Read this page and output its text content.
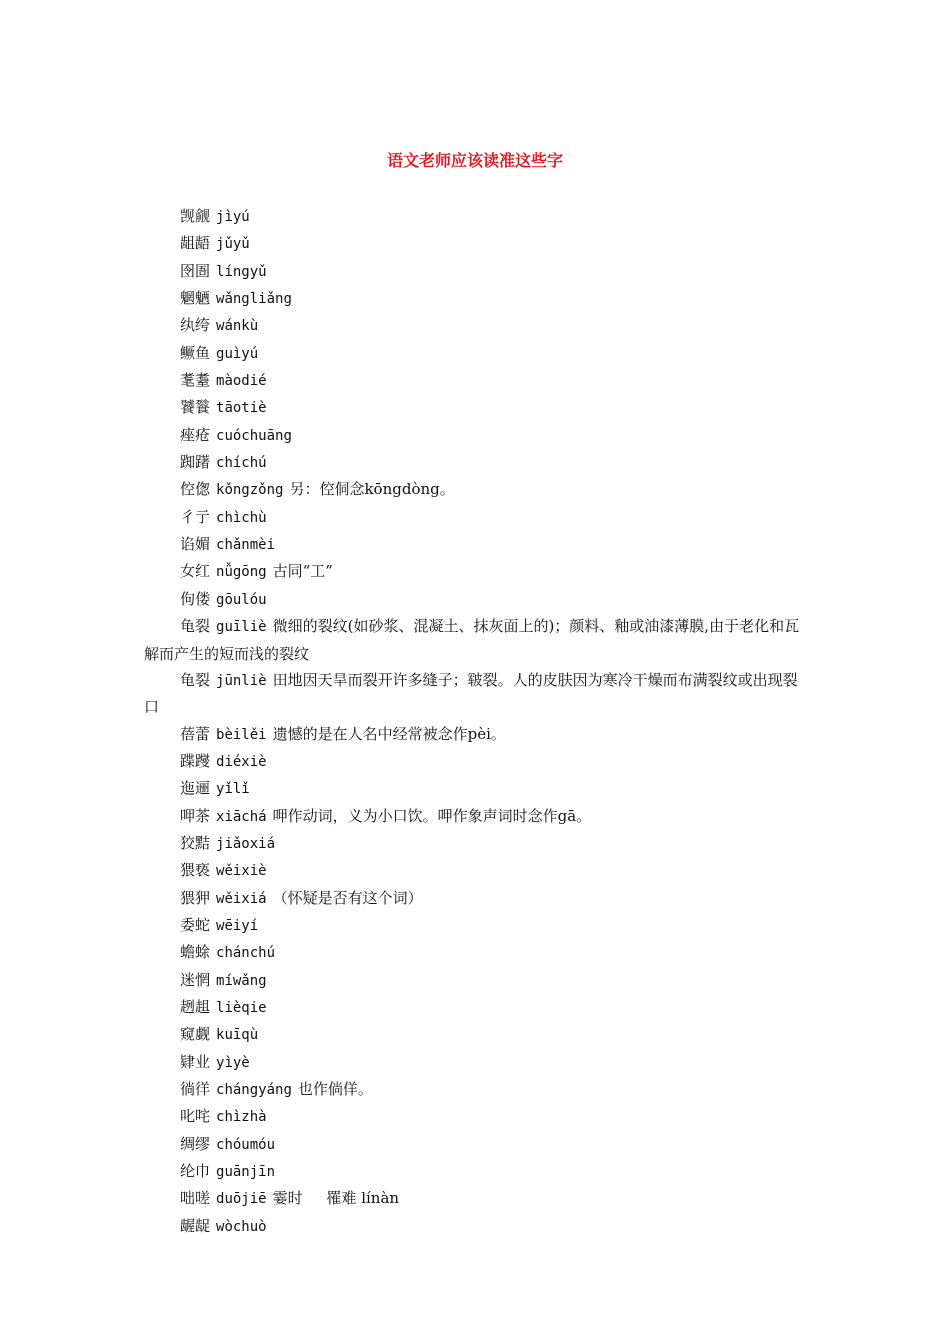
语文老师应该读准这些字

觊觎 jìyú

龃龉 jǔyǔ

囹圄 língyǔ

魍魉 wǎngliǎng

纨绔 wánkù

鳜鱼 guìyú

耄耋 màodié

饕餮 tāotiè

痤疮 cuóchuāng

踟躇 chíchú

倥偬 kǒngzǒng 另：倥侗念kōngdòng。

彳亍 chìchù

谄媚 chǎnmèi

女红 nǚgōng 古同“工”

佝偻 gōulóu

龟裂 guīliè 微细的裂纹(如砂浆、混凝土、抹灰面上的)；颜料、釉或油漆薄膜,由于老化和瓦解而产生的短而浅的裂纹

龟裂 jūnliè 田地因天旱而裂开许多缝子；皲裂。人的皮肤因为寒冷干燥而布满裂纹或出现裂口

蓓蕾 bèilěi 遗憾的是在人名中经常被念作pèi。

蹀躞 diéxiè

迤逦 yǐlǐ

呷茶 xiāchá 呷作动词，义为小口饮。呷作象声词时念作gā。

狡黠 jiǎoxiá

猥亵 wěixiè

猥狎 wěixiá （怀疑是否有这个词）

委蛇 wēiyí

蟾蜍 chánchú

迷惘 míwǎng

趔趄 lièqie

窥觑 kuīqù

肄业 yìyè

徜徉 chángyáng 也作倘佯。

叱咤 chìzhà

绸缪 chóumóu

纶巾 guānjīn

咄嗟 duōjiē 霎时     罹难 línàn

龌龊 wòchuò
